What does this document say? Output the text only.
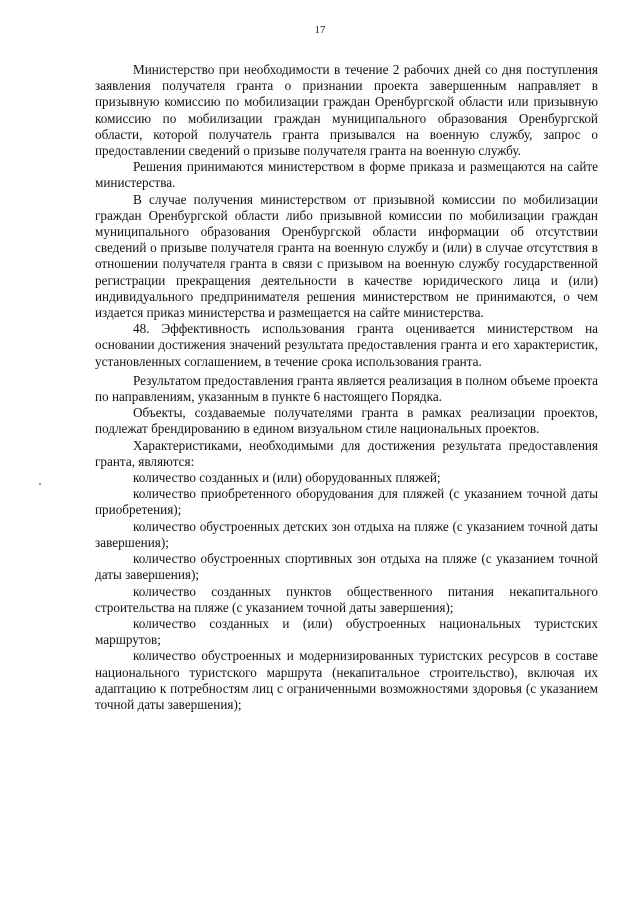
17

Министерство при необходимости в течение 2 рабочих дней со дня поступления заявления получателя гранта о признании проекта завершенным направляет в призывную комиссию по мобилизации граждан Оренбургской области или призывную комиссию по мобилизации граждан муниципального образования Оренбургской области, которой получатель гранта призывался на военную службу, запрос о предоставлении сведений о призыве получателя гранта на военную службу.

Решения принимаются министерством в форме приказа и размещаются на сайте министерства.

В случае получения министерством от призывной комиссии по мобилизации граждан Оренбургской области либо призывной комиссии по мобилизации граждан муниципального образования Оренбургской области информации об отсутствии сведений о призыве получателя гранта на военную службу и (или) в случае отсутствия в отношении получателя гранта в связи с призывом на военную службу государственной регистрации прекращения деятельности в качестве юридического лица и (или) индивидуального предпринимателя решения министерством не принимаются, о чем издается приказ министерства и размещается на сайте министерства.

48. Эффективность использования гранта оценивается министерством на основании достижения значений результата предоставления гранта и его характеристик, установленных соглашением, в течение срока использования гранта.

Результатом предоставления гранта является реализация в полном объеме проекта по направлениям, указанным в пункте 6 настоящего Порядка.

Объекты, создаваемые получателями гранта в рамках реализации проектов, подлежат брендированию в едином визуальном стиле национальных проектов.

Характеристиками, необходимыми для достижения результата предоставления гранта, являются:

количество созданных и (или) оборудованных пляжей;

количество приобретенного оборудования для пляжей (с указанием точной даты приобретения);

количество обустроенных детских зон отдыха на пляже (с указанием точной даты завершения);

количество обустроенных спортивных зон отдыха на пляже (с указанием точной даты завершения);

количество созданных пунктов общественного питания некапитального строительства на пляже (с указанием точной даты завершения);

количество созданных и (или) обустроенных национальных туристских маршрутов;

количество обустроенных и модернизированных туристских ресурсов в составе национального туристского маршрута (некапитальное строительство), включая их адаптацию к потребностям лиц с ограниченными возможностями здоровья (с указанием точной даты завершения);
